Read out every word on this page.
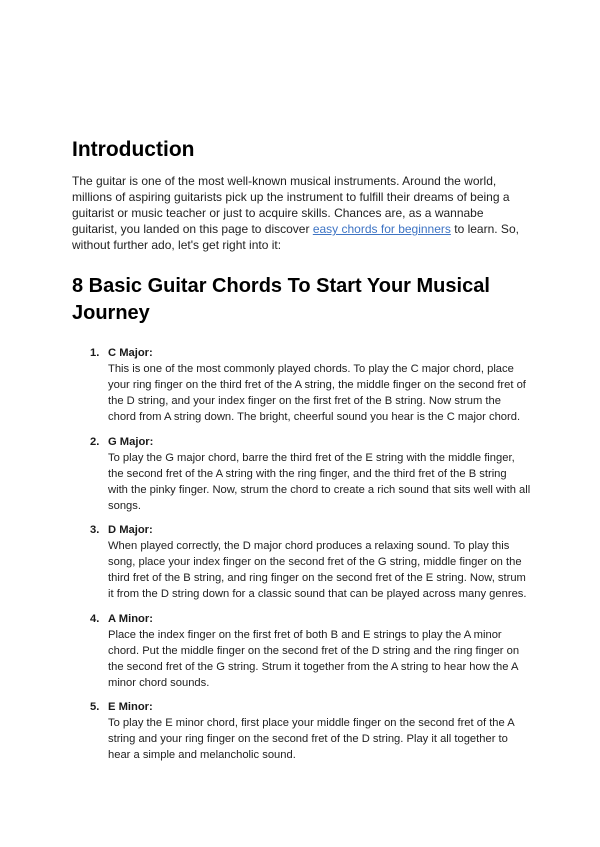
Introduction
The guitar is one of the most well-known musical instruments. Around the world,
millions of aspiring guitarists pick up the instrument to fulfill their dreams of being a
guitarist or music teacher or just to acquire skills. Chances are, as a wannabe
guitarist, you landed on this page to discover easy chords for beginners to learn. So,
without further ado, let's get right into it:
8 Basic Guitar Chords To Start Your Musical
Journey
1. C Major:
This is one of the most commonly played chords. To play the C major chord, place
your ring finger on the third fret of the A string, the middle finger on the second fret of
the D string, and your index finger on the first fret of the B string. Now strum the
chord from A string down. The bright, cheerful sound you hear is the C major chord.
2. G Major:
To play the G major chord, barre the third fret of the E string with the middle finger,
the second fret of the A string with the ring finger, and the third fret of the B string
with the pinky finger. Now, strum the chord to create a rich sound that sits well with all
songs.
3. D Major:
When played correctly, the D major chord produces a relaxing sound. To play this
song, place your index finger on the second fret of the G string, middle finger on the
third fret of the B string, and ring finger on the second fret of the E string. Now, strum
it from the D string down for a classic sound that can be played across many genres.
4. A Minor:
Place the index finger on the first fret of both B and E strings to play the A minor
chord. Put the middle finger on the second fret of the D string and the ring finger on
the second fret of the G string. Strum it together from the A string to hear how the A
minor chord sounds.
5. E Minor:
To play the E minor chord, first place your middle finger on the second fret of the A
string and your ring finger on the second fret of the D string. Play it all together to
hear a simple and melancholic sound.
